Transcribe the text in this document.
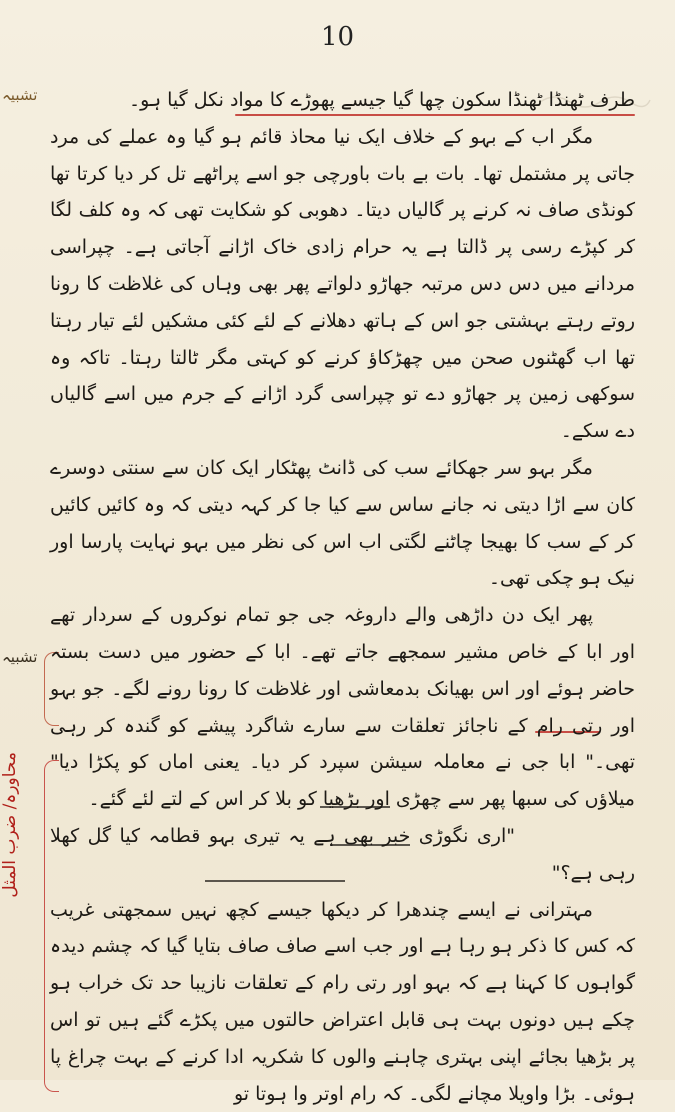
10
تشبیہ
تشبیہ
محاورہ/ ضرب المثل

طرف ٹھنڈا ٹھنڈا سکون چھا گیا جیسے پھوڑے کا مواد نکل گیا ہو۔

مگر اب کے بہو کے خلاف ایک نیا محاذ قائم ہو گیا وہ عملے کی مرد جاتی پر مشتمل تھا۔ بات بے بات باورچی جو اسے پراٹھے تل کر دیا کرتا تھا کونڈی صاف نہ کرنے پر گالیاں دیتا۔ دھوبی کو شکایت تھی کہ وہ کلف لگا کر کپڑے رسی پر ڈالتا ہے یہ حرام زادی خاک اڑانے آجاتی ہے۔ چپراسی مردانے میں دس دس مرتبہ جھاڑو دلواتے پھر بھی وہاں کی غلاظت کا رونا روتے رہتے بہشتی جو اس کے ہاتھ دھلانے کے لئے کئی مشکیں لئے تیار رہتا تھا اب گھٹنوں صحن میں چھڑکاؤ کرنے کو کہتی مگر ٹالتا رہتا۔ تاکہ وہ سوکھی زمین پر جھاڑو دے تو چپراسی گرد اڑانے کے جرم میں اسے گالیاں دے سکے۔

مگر بہو سر جھکائے سب کی ڈانٹ پھٹکار ایک کان سے سنتی دوسرے کان سے اڑا دیتی نہ جانے ساس سے کیا جا کر کہہ دیتی کہ وہ کائیں کائیں کر کے سب کا بھیجا چاٹنے لگتی اب اس کی نظر میں بہو نہایت پارسا اور نیک ہو چکی تھی۔

پھر ایک دن داڑھی والے داروغہ جی جو تمام نوکروں کے سردار تھے اور ابا کے خاص مشیر سمجھے جاتے تھے۔ ابا کے حضور میں دست بستہ حاضر ہوئے اور اس بھیانک بدمعاشی اور غلاظت کا رونا رونے لگے۔ جو بہو اور رتی رام کے ناجائز تعلقات سے سارے شاگرد پیشے کو گندہ کر رہی تھی۔" ابا جی نے معاملہ سیشن سپرد کر دیا۔ یعنی اماں کو پکڑا دیا" میلاؤں کی سبھا پھر سے چھڑی اور بڑھیا کو بلا کر اس کے لتے لئے گئے۔

"اری نگوڑی خبر بھی ہے یہ تیری بہو قطامہ کیا گل کھلا رہی ہے؟"

مہترانی نے ایسے چندھرا کر دیکھا جیسے کچھ نہیں سمجھتی غریب کہ کس کا ذکر ہو رہا ہے اور جب اسے صاف صاف بتایا گیا کہ چشم دیدہ گواہوں کا کہنا ہے کہ بہو اور رتی رام کے تعلقات نازیبا حد تک خراب ہو چکے ہیں دونوں بہت ہی قابل اعتراض حالتوں میں پکڑے گئے ہیں تو اس پر بڑھیا بجائے اپنی بہتری چاہنے والوں کا شکریہ ادا کرنے کے بہت چراغ پا ہوئی۔ بڑا واویلا مچانے لگی۔ کہ رام اوتر وا ہوتا تو
